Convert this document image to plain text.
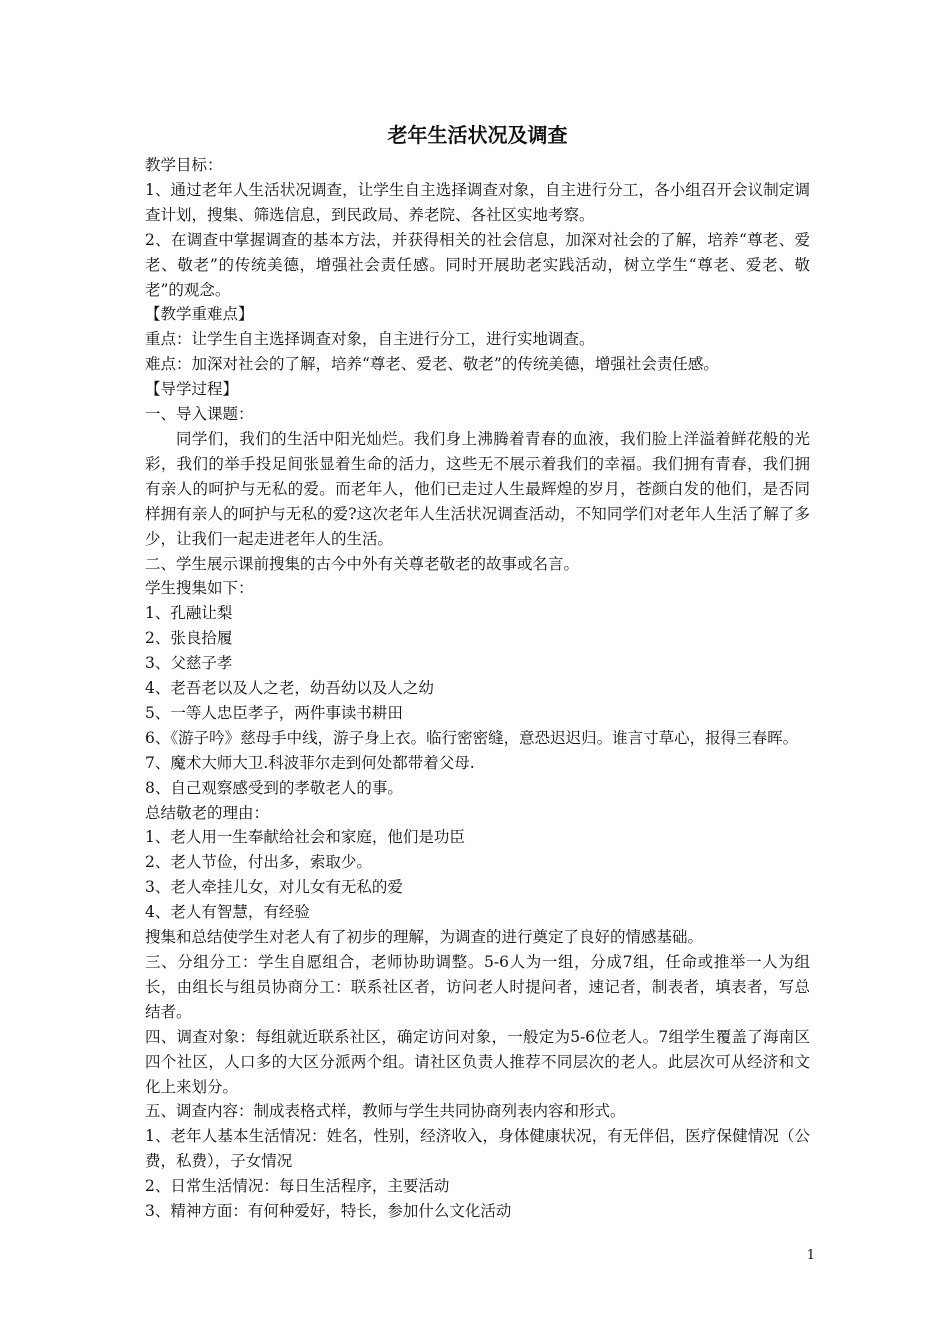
老年生活状况及调查

教学目标：

1、通过老年人生活状况调查，让学生自主选择调查对象，自主进行分工，各小组召开会议制定调查计划，搜集、筛选信息，到民政局、养老院、各社区实地考察。

2、在调查中掌握调查的基本方法，并获得相关的社会信息，加深对社会的了解，培养“尊老、爱老、敬老”的传统美德，增强社会责任感。同时开展助老实践活动，树立学生“尊老、爱老、敬老”的观念。

【教学重难点】

重点：让学生自主选择调查对象，自主进行分工，进行实地调查。

难点：加深对社会的了解，培养“尊老、爱老、敬老”的传统美德，增强社会责任感。

【导学过程】

一、导入课题：

同学们，我们的生活中阳光灿烂。我们身上沸腾着青春的血液，我们脸上洋溢着鲜花般的光彩，我们的举手投足间张显着生命的活力，这些无不展示着我们的幸福。我们拥有青春，我们拥有亲人的呵护与无私的爱。而老年人，他们已走过人生最辉煌的岁月，苍颜白发的他们，是否同样拥有亲人的呵护与无私的爱?这次老年人生活状况调查活动，不知同学们对老年人生活了解了多少，让我们一起走进老年人的生活。

二、学生展示课前搜集的古今中外有关尊老敬老的故事或名言。

学生搜集如下：

1、孔融让梨

2、张良拾履

3、父慈子孝

4、老吾老以及人之老，幼吾幼以及人之幼

5、一等人忠臣孝子，两件事读书耕田

6、《游子吟》慈母手中线，游子身上衣。临行密密缝，意恐迟迟归。谁言寸草心，报得三春晖。

7、魔术大师大卫.科波菲尔走到何处都带着父母.

8、自己观察感受到的孝敬老人的事。

总结敬老的理由：

1、老人用一生奉献给社会和家庭，他们是功臣

2、老人节俭，付出多，索取少。

3、老人牵挂儿女，对儿女有无私的爱

4、老人有智慧，有经验

搜集和总结使学生对老人有了初步的理解，为调查的进行奠定了良好的情感基础。

三、分组分工：学生自愿组合，老师协助调整。5-6人为一组，分成7组，任命或推举一人为组长，由组长与组员协商分工：联系社区者，访问老人时提问者，速记者，制表者，填表者，写总结者。

四、调查对象：每组就近联系社区，确定访问对象，一般定为5-6位老人。7组学生覆盖了海南区四个社区，人口多的大区分派两个组。请社区负责人推荐不同层次的老人。此层次可从经济和文化上来划分。

五、调查内容：制成表格式样，教师与学生共同协商列表内容和形式。

1、老年人基本生活情况：姓名，性别，经济收入，身体健康状况，有无伴侣，医疗保健情况（公费，私费），子女情况

2、日常生活情况：每日生活程序，主要活动

3、精神方面：有何种爱好，特长，参加什么文化活动

1
